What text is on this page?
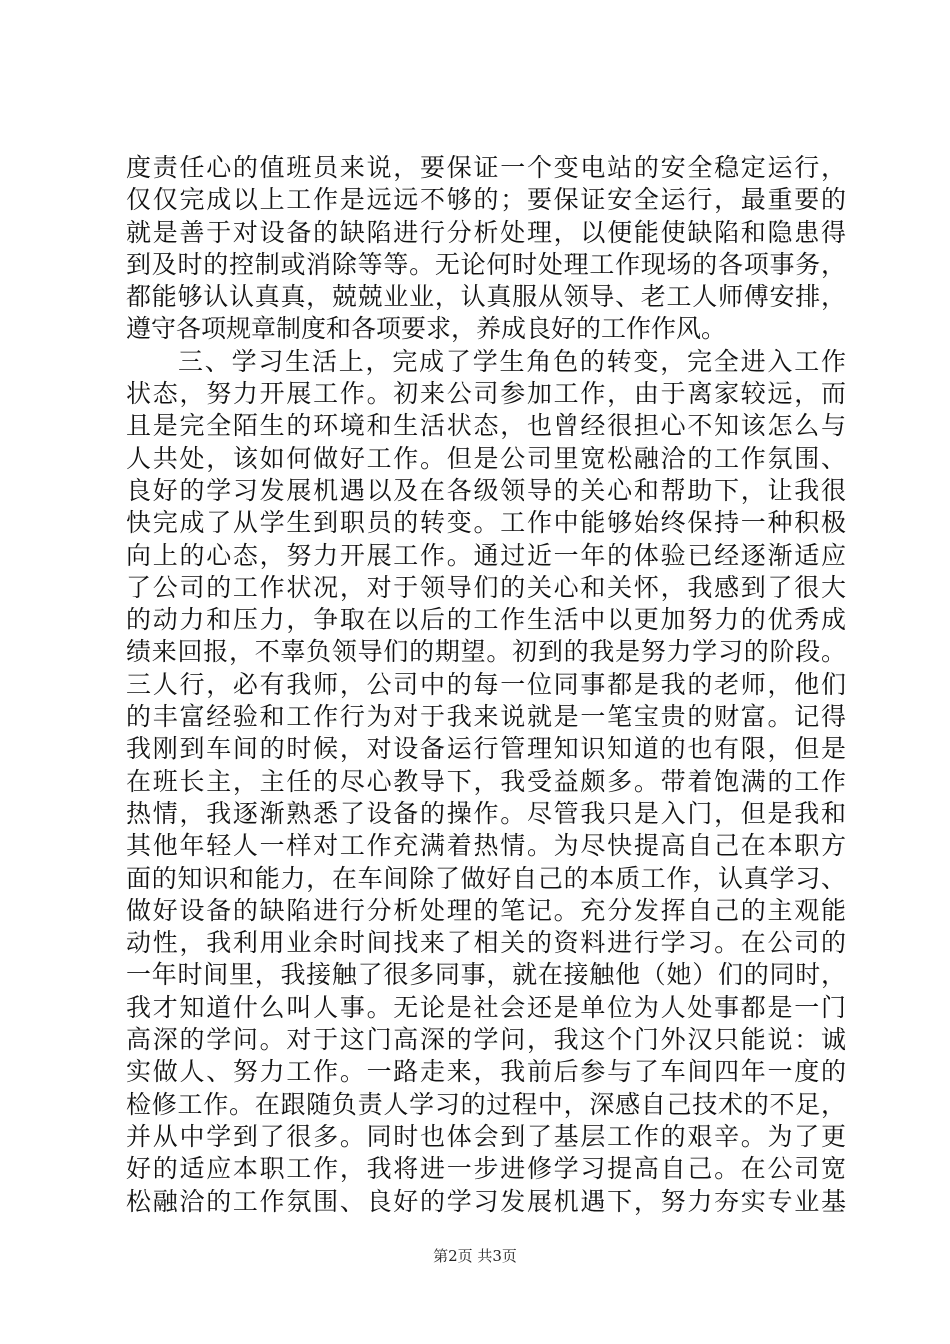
度责任心的值班员来说，要保证一个变电站的安全稳定运行，
仅仅完成以上工作是远远不够的；要保证安全运行，最重要的
就是善于对设备的缺陷进行分析处理，以便能使缺陷和隐患得
到及时的控制或消除等等。无论何时处理工作现场的各项事务，
都能够认认真真，兢兢业业，认真服从领导、老工人师傅安排，
遵守各项规章制度和各项要求，养成良好的工作作风。
三、学习生活上，完成了学生角色的转变，完全进入工作
状态，努力开展工作。初来公司参加工作，由于离家较远，而
且是完全陌生的环境和生活状态，也曾经很担心不知该怎么与
人共处，该如何做好工作。但是公司里宽松融洽的工作氛围、
良好的学习发展机遇以及在各级领导的关心和帮助下，让我很
快完成了从学生到职员的转变。工作中能够始终保持一种积极
向上的心态，努力开展工作。通过近一年的体验已经逐渐适应
了公司的工作状况，对于领导们的关心和关怀，我感到了很大
的动力和压力，争取在以后的工作生活中以更加努力的优秀成
绩来回报，不辜负领导们的期望。初到的我是努力学习的阶段。
三人行，必有我师，公司中的每一位同事都是我的老师，他们
的丰富经验和工作行为对于我来说就是一笔宝贵的财富。记得
我刚到车间的时候，对设备运行管理知识知道的也有限，但是
在班长主，主任的尽心教导下，我受益颇多。带着饱满的工作
热情，我逐渐熟悉了设备的操作。尽管我只是入门，但是我和
其他年轻人一样对工作充满着热情。为尽快提高自己在本职方
面的知识和能力，在车间除了做好自己的本质工作，认真学习、
做好设备的缺陷进行分析处理的笔记。充分发挥自己的主观能
动性，我利用业余时间找来了相关的资料进行学习。在公司的
一年时间里，我接触了很多同事，就在接触他（她）们的同时，
我才知道什么叫人事。无论是社会还是单位为人处事都是一门
高深的学问。对于这门高深的学问，我这个门外汉只能说：诚
实做人、努力工作。一路走来，我前后参与了车间四年一度的
检修工作。在跟随负责人学习的过程中，深感自己技术的不足，
并从中学到了很多。同时也体会到了基层工作的艰辛。为了更
好的适应本职工作，我将进一步进修学习提高自己。在公司宽
松融洽的工作氛围、良好的学习发展机遇下，努力夯实专业基
第2页 共3页
